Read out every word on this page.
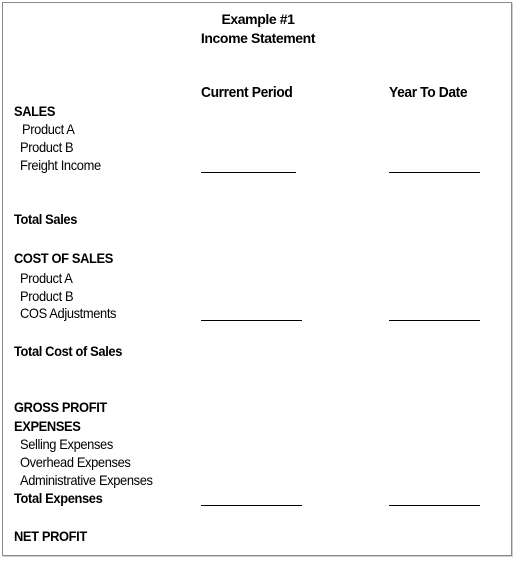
Example #1
Income Statement
Current Period	Year To Date
SALES
Product A
Product B
Freight Income
Total Sales
COST OF SALES
Product A
Product B
COS Adjustments
Total Cost of Sales
GROSS PROFIT
EXPENSES
Selling Expenses
Overhead Expenses
Administrative Expenses
Total Expenses
NET PROFIT
